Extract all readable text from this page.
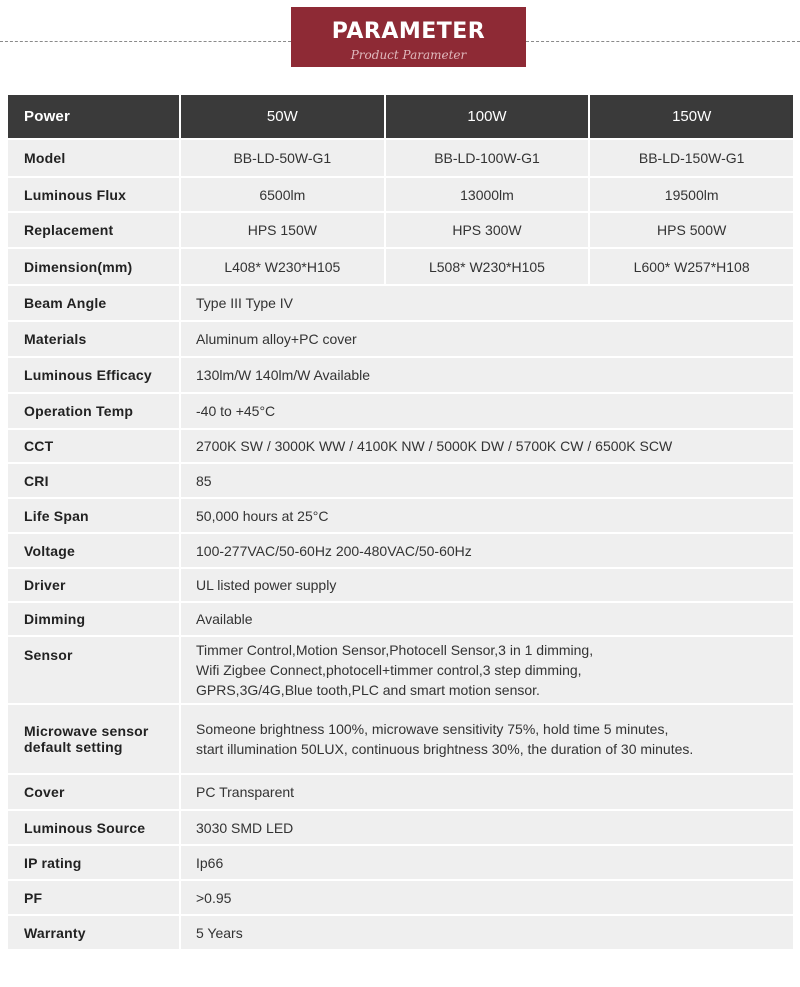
PARAMETER
Product Parameter
Power	50W	100W	150W
Model	BB-LD-50W-G1	BB-LD-100W-G1	BB-LD-150W-G1
Luminous Flux	6500lm	13000lm	19500lm
Replacement	HPS 150W	HPS 300W	HPS 500W
Dimension(mm)	L408* W230*H105	L508* W230*H105	L600* W257*H108
Beam Angle	Type III Type IV		
Materials	Aluminum alloy+PC cover		
Luminous Efficacy	130lm/W 140lm/W Available		
Operation Temp	-40 to +45°C		
CCT	2700K SW / 3000K WW / 4100K NW / 5000K DW / 5700K CW / 6500K SCW		
CRI	85		
Life Span	50,000 hours at 25°C		
Voltage	100-277VAC/50-60Hz 200-480VAC/50-60Hz		
Driver	UL listed power supply		
Dimming	Available		
Sensor	Timmer Control,Motion Sensor,Photocell Sensor,3 in 1 dimming,
Wifi Zigbee Connect,photocell+timmer control,3 step dimming,
GPRS,3G/4G,Blue tooth,PLC and smart motion sensor.		

Microwave sensor default setting	Someone brightness 100%, microwave sensitivity 75%, hold time 5 minutes,
start illumination 50LUX, continuous brightness 30%, the duration of 30 minutes.		

Cover	PC Transparent		
Luminous Source	3030 SMD LED		
IP rating	Ip66		
PF	>0.95		
Warranty	5 Years		
